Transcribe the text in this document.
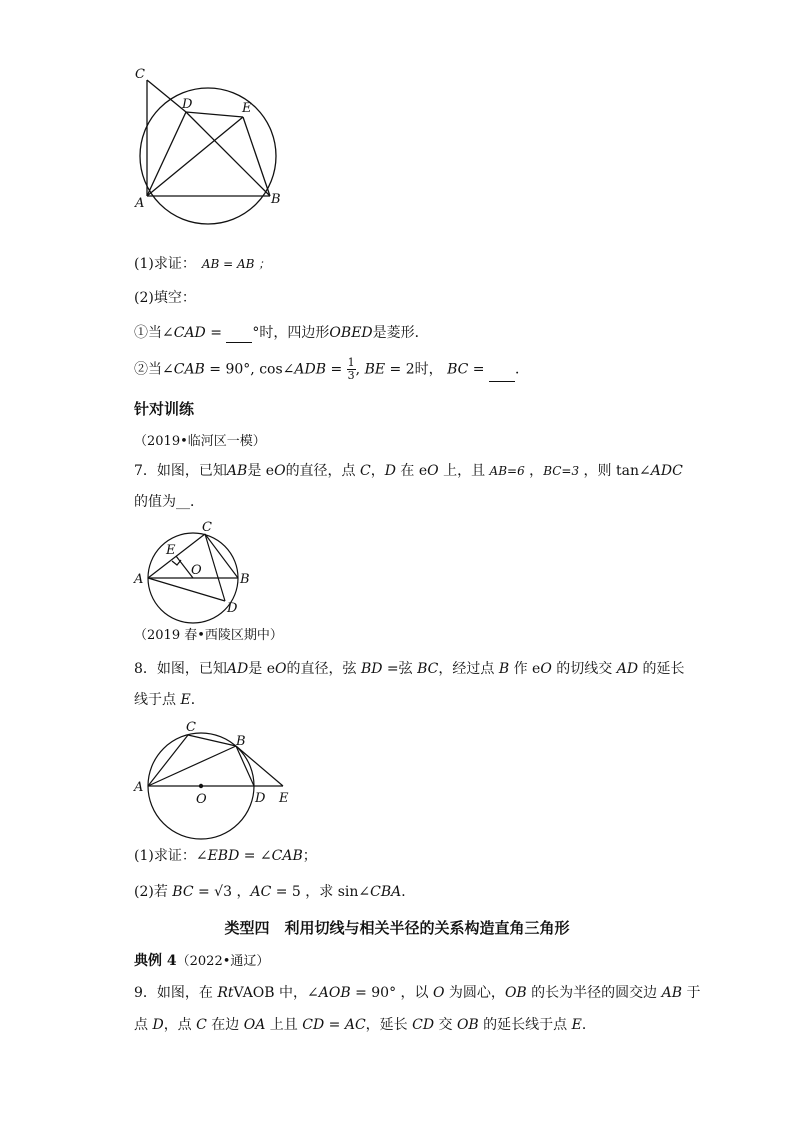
C
D	E
A	B
(1)求证： AB = AB ；
(2)填空：
①当∠CAD = °时，四边形OBED是菱形．
②当∠CAB = 90°, cos∠ADB = $\frac{1}{3}$ , BE = 2时， BC = ．
针对训练
（2019•临河区一模）
7．如图，已知AB是 eO的直径，点 C，D 在 eO 上，且 AB=6 ，BC=3 ，则 tan∠ADC
的值为__．
C
E
O
A	B
D
（2019 春•西陵区期中）
8．如图，已知AD是 eO的直径，弦 BD =弦 BC，经过点 B 作 eO 的切线交 AD 的延长
线于点 E．
C
B
A
O	D E
(1)求证：∠EBD = ∠CAB；
(2)若 BC = √3 ，AC = 5 ，求 sin∠CBA．
类型四　利用切线与相关半径的关系构造直角三角形
典例 4（2022•通辽）
9．如图，在 RtVAOB 中，∠AOB = 90° ，以 O 为圆心，OB 的长为半径的圆交边 AB 于
点 D，点 C 在边 OA 上且 CD = AC，延长 CD 交 OB 的延长线于点 E．
